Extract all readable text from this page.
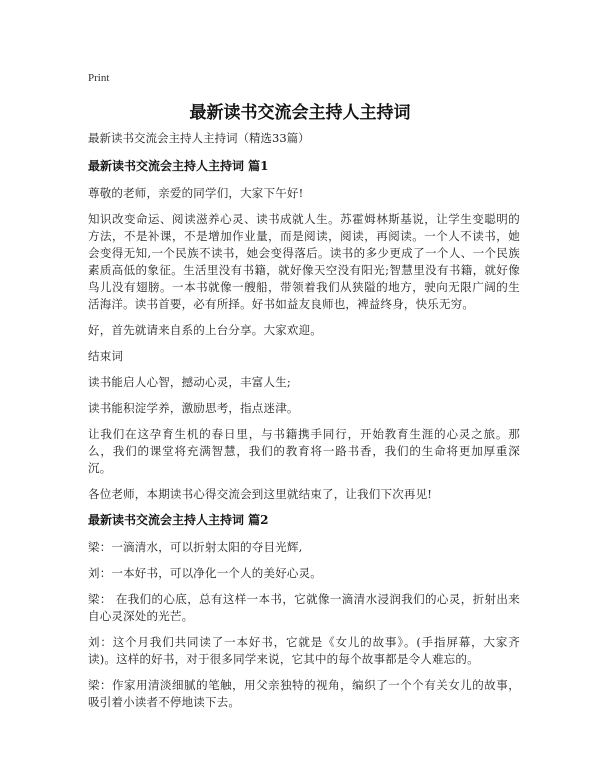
Print
最新读书交流会主持人主持词

最新读书交流会主持人主持词（精选33篇）

最新读书交流会主持人主持词 篇1

尊敬的老师，亲爱的同学们，大家下午好!

知识改变命运、阅读滋养心灵、读书成就人生。苏霍姆林斯基说，让学生变聪明的方法，不是补课，不是增加作业量，而是阅读，阅读，再阅读。一个人不读书，她会变得无知,一个民族不读书，她会变得落后。读书的多少更成了一个人、一个民族素质高低的象征。生活里没有书籍，就好像天空没有阳光;智慧里没有书籍，就好像鸟儿没有翅膀。一本书就像一艘船，带领着我们从狭隘的地方，驶向无限广阔的生活海洋。读书首要，必有所择。好书如益友良师也，裨益终身，快乐无穷。

好，首先就请来自系的上台分享。大家欢迎。

结束词

读书能启人心智，撼动心灵，丰富人生;

读书能积淀学养，激励思考，指点迷津。

让我们在这孕育生机的春日里，与书籍携手同行，开始教育生涯的心灵之旅。那么，我们的课堂将充满智慧，我们的教育将一路书香，我们的生命将更加厚重深沉。

各位老师，本期读书心得交流会到这里就结束了，让我们下次再见!

最新读书交流会主持人主持词 篇2

梁：一滴清水，可以折射太阳的夺目光辉,

刘：一本好书，可以净化一个人的美好心灵。

梁： 在我们的心底，总有这样一本书，它就像一滴清水浸润我们的心灵，折射出来自心灵深处的光芒。

刘：这个月我们共同读了一本好书，它就是《女儿的故事》。(手指屏幕，大家齐读)。这样的好书，对于很多同学来说，它其中的每个故事都是令人难忘的。

梁：作家用清淡细腻的笔触，用父亲独特的视角，编织了一个个有关女儿的故事，吸引着小读者不停地读下去。
